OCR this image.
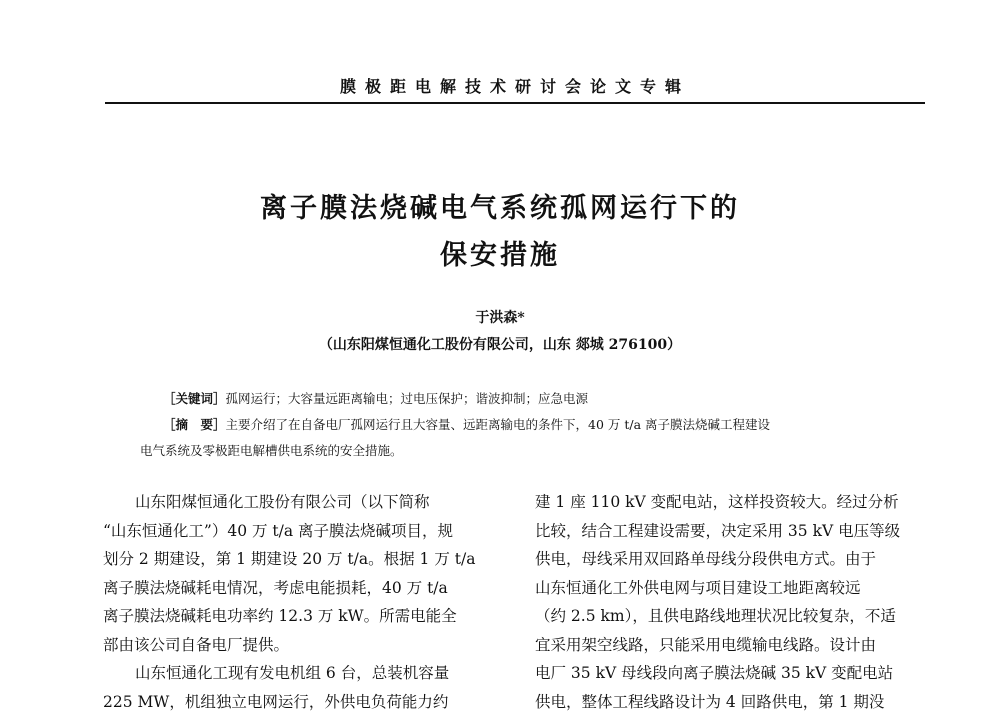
膜极距电解技术研讨会论文专辑
离子膜法烧碱电气系统孤网运行下的
保安措施
于洪森*
（山东阳煤恒通化工股份有限公司，山东 郯城 276100）
［关键词］孤网运行；大容量远距离输电；过电压保护；谐波抑制；应急电源
［摘　要］主要介绍了在自备电厂孤网运行且大容量、远距离输电的条件下，40 万 t/a 离子膜法烧碱工程建设
电气系统及零极距电解槽供电系统的安全措施。
山东阳煤恒通化工股份有限公司（以下简称
“山东恒通化工”）40 万 t/a 离子膜法烧碱项目，规
划分 2 期建设，第 1 期建设 20 万 t/a。根据 1 万 t/a
离子膜法烧碱耗电情况，考虑电能损耗，40 万 t/a
离子膜法烧碱耗电功率约 12.3 万 kW。所需电能全
部由该公司自备电厂提供。
山东恒通化工现有发电机组 6 台，总装机容量
225 MW，机组独立电网运行，外供电负荷能力约
建 1 座 110 kV 变配电站，这样投资较大。经过分析
比较，结合工程建设需要，决定采用 35 kV 电压等级
供电，母线采用双回路单母线分段供电方式。由于
山东恒通化工外供电网与项目建设工地距离较远
（约 2.5 km），且供电路线地理状况比较复杂，不适
宜采用架空线路，只能采用电缆输电线路。设计由
电厂 35 kV 母线段向离子膜法烧碱 35 kV 变配电站
供电，整体工程线路设计为 4 回路供电，第 1 期没
